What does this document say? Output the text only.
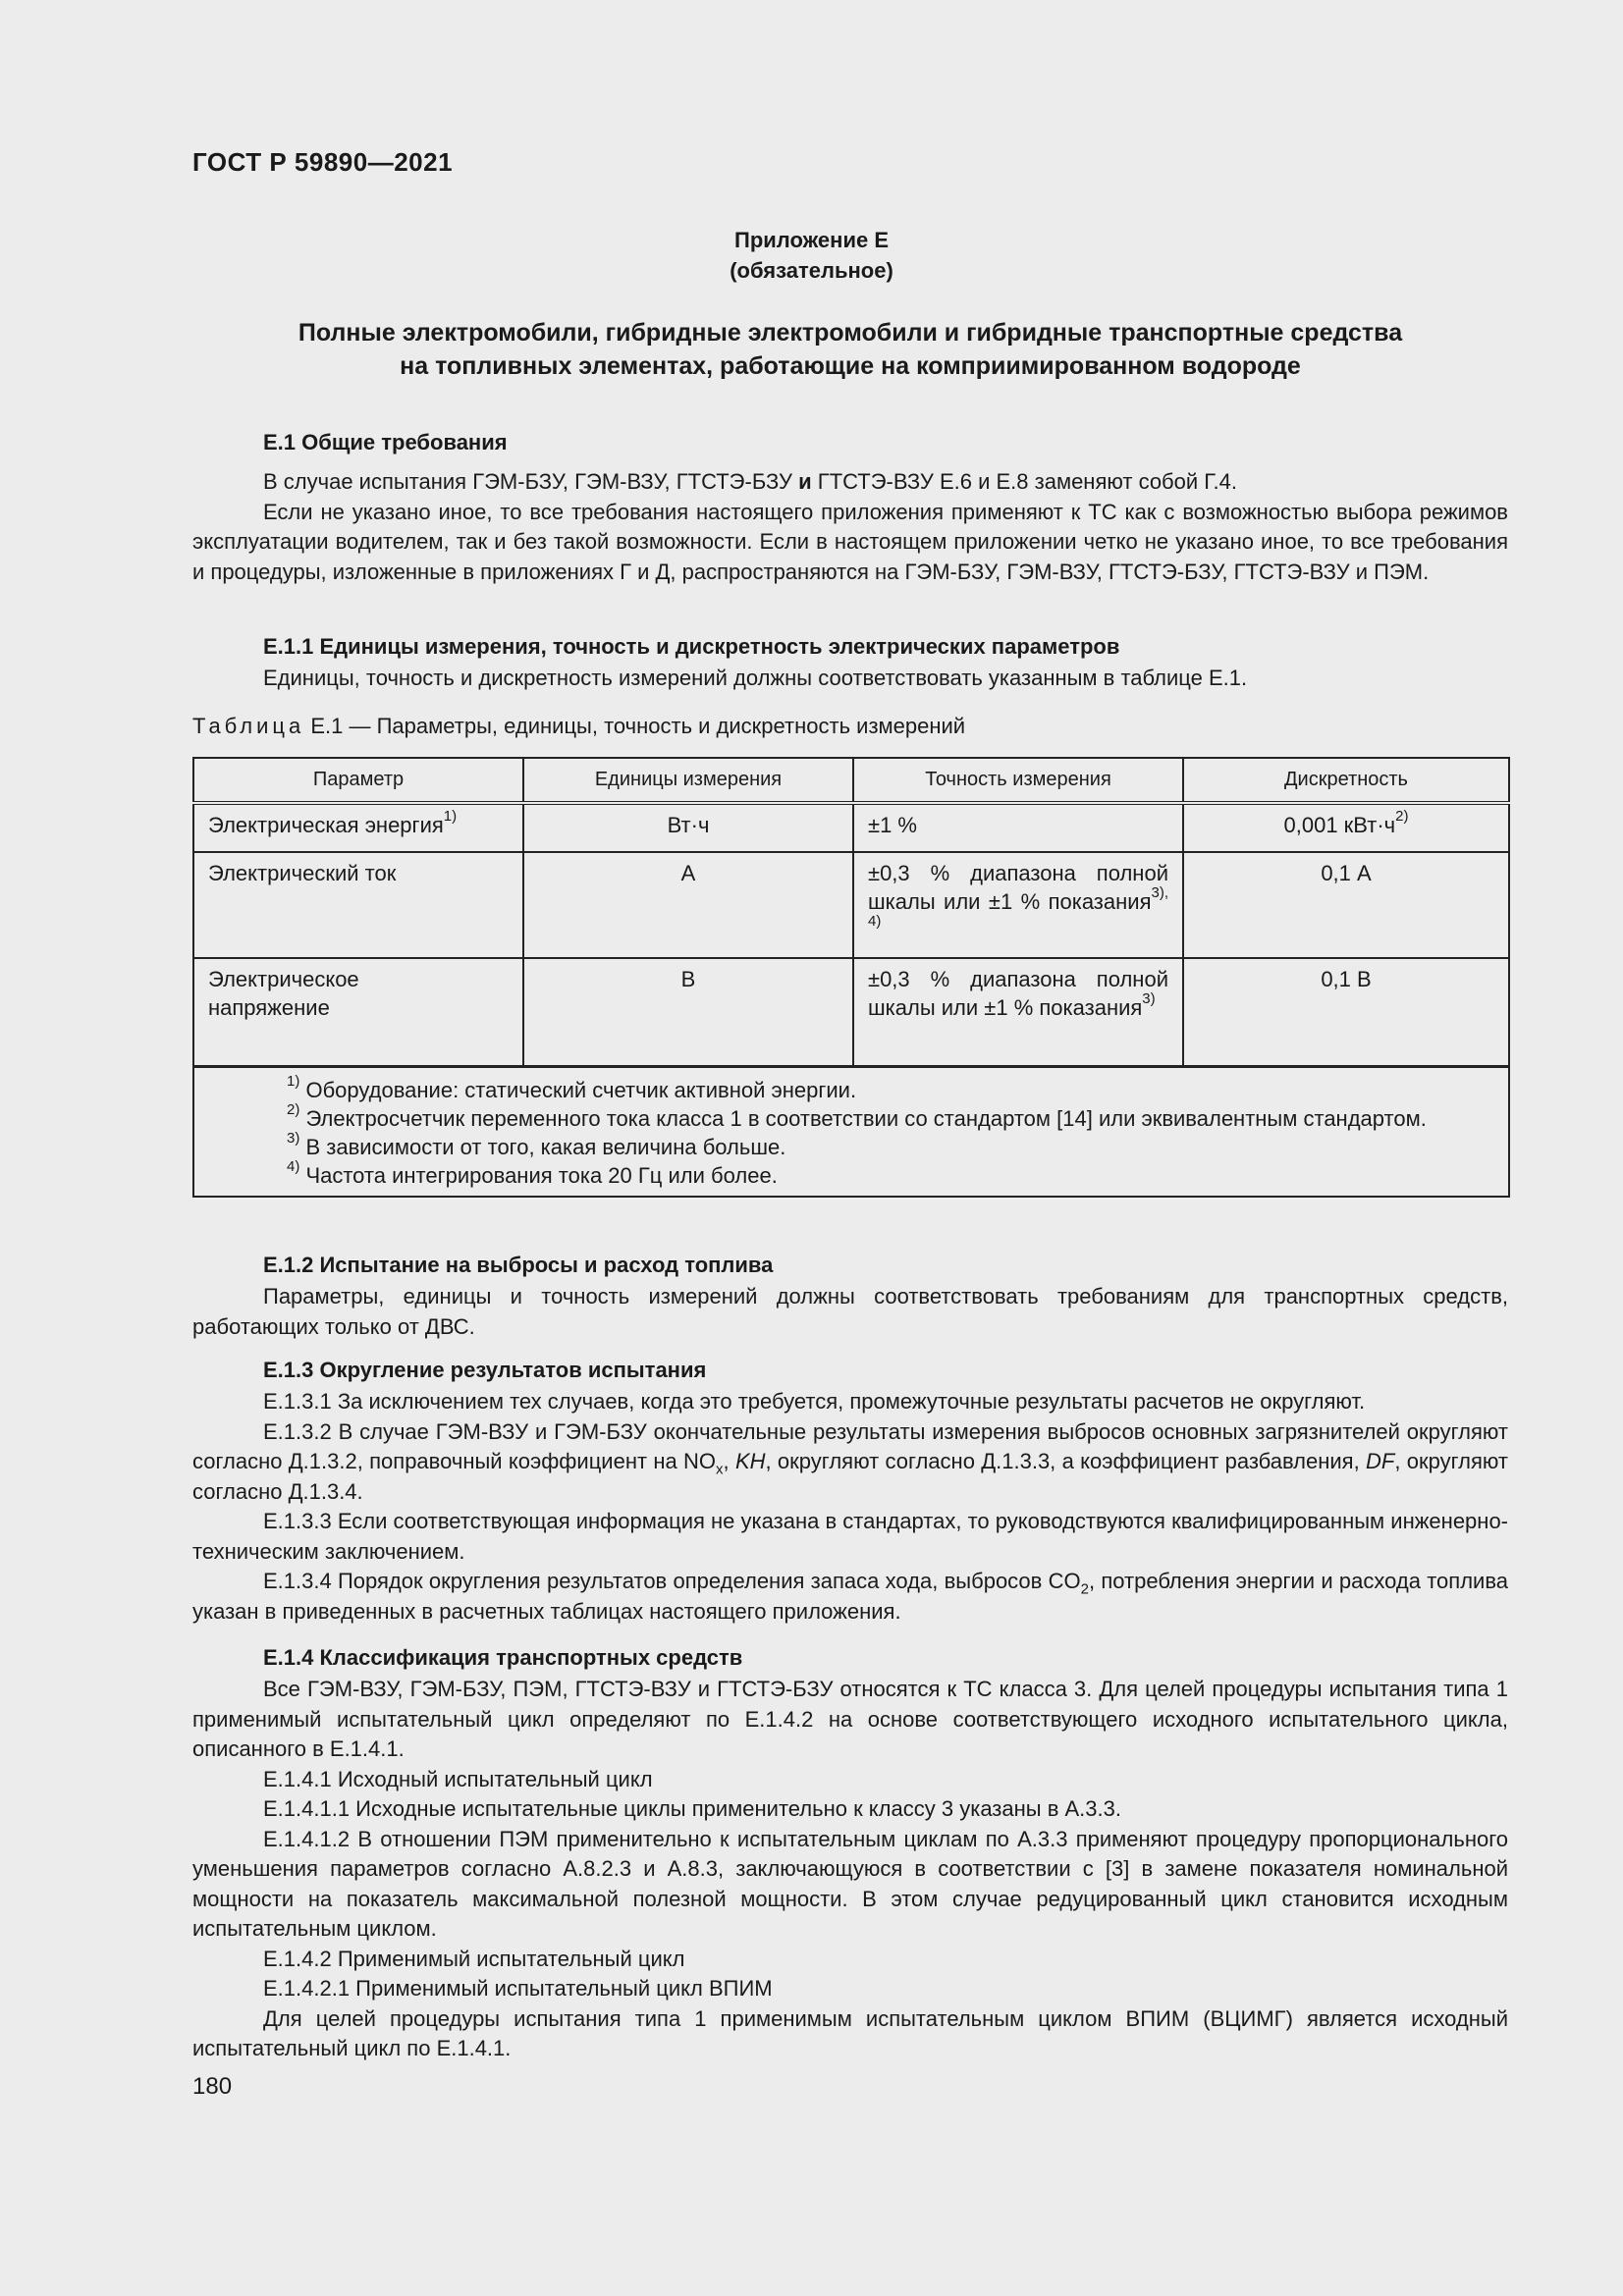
ГОСТ Р 59890—2021
Приложение Е
(обязательное)
Полные электромобили, гибридные электромобили и гибридные транспортные средства
на топливных элементах, работающие на комприимированном водороде
Е.1 Общие требования

В случае испытания ГЭМ-БЗУ, ГЭМ-ВЗУ, ГТСТЭ-БЗУ и ГТСТЭ-ВЗУ Е.6 и Е.8 заменяют собой Г.4.

Если не указано иное, то все требования настоящего приложения применяют к ТС как с возможностью выбора режимов эксплуатации водителем, так и без такой возможности. Если в настоящем приложении четко не указано иное, то все требования и процедуры, изложенные в приложениях Г и Д, распространяются на ГЭМ-БЗУ, ГЭМ-ВЗУ, ГТСТЭ-БЗУ, ГТСТЭ-ВЗУ и ПЭМ.

Е.1.1 Единицы измерения, точность и дискретность электрических параметров

Единицы, точность и дискретность измерений должны соответствовать указанным в таблице Е.1.

Таблица Е.1 — Параметры, единицы, точность и дискретность измерений
Параметр	Единицы измерения	Точность измерения	Дискретность
Электрическая энергия$^{1)}$	Вт·ч	±1 %	0,001 $кВт\cdot ч^{2)}$
Электрический ток	А	±0,3 % диапазона полной шкалы или ±1 % показания$^{3), 4)}$	0,1 А
Электрическое напряжение	В	±0,3 % диапазона полной шкалы или ±1 % показания$^{3)}$	0,1 В

$^{1)}$ Оборудование: статический счетчик активной энергии.

$^{2)}$ Электросчетчик переменного тока класса 1 в соответствии со стандартом [14] или эквивалентным стандартом.

$^{3)}$ В зависимости от того, какая величина больше.

$^{4)}$ Частота интегрирования тока 20 Гц или более.			

Е.1.2 Испытание на выбросы и расход топлива

Параметры, единицы и точность измерений должны соответствовать требованиям для транспортных средств, работающих только от ДВС.

Е.1.3 Округление результатов испытания

Е.1.3.1 За исключением тех случаев, когда это требуется, промежуточные результаты расчетов не округляют.

Е.1.3.2 В случае ГЭМ-ВЗУ и ГЭМ-БЗУ окончательные результаты измерения выбросов основных загрязнителей округляют согласно Д.1.3.2, поправочный коэффициент на NOx, KH, округляют согласно Д.1.3.3, а коэффициент разбавления, DF, округляют согласно Д.1.3.4.

Е.1.3.3 Если соответствующая информация не указана в стандартах, то руководствуются квалифицированным инженерно-техническим заключением.

Е.1.3.4 Порядок округления результатов определения запаса хода, выбросов CO2, потребления энергии и расхода топлива указан в приведенных в расчетных таблицах настоящего приложения.

Е.1.4 Классификация транспортных средств

Все ГЭМ-ВЗУ, ГЭМ-БЗУ, ПЭМ, ГТСТЭ-ВЗУ и ГТСТЭ-БЗУ относятся к ТС класса 3. Для целей процедуры испытания типа 1 применимый испытательный цикл определяют по Е.1.4.2 на основе соответствующего исходного испытательного цикла, описанного в Е.1.4.1.

Е.1.4.1 Исходный испытательный цикл

Е.1.4.1.1 Исходные испытательные циклы применительно к классу 3 указаны в А.3.3.

Е.1.4.1.2 В отношении ПЭМ применительно к испытательным циклам по А.3.3 применяют процедуру пропорционального уменьшения параметров согласно А.8.2.3 и А.8.3, заключающуюся в соответствии с [3] в замене показателя номинальной мощности на показатель максимальной полезной мощности. В этом случае редуцированный цикл становится исходным испытательным циклом.

Е.1.4.2 Применимый испытательный цикл

Е.1.4.2.1 Применимый испытательный цикл ВПИМ

Для целей процедуры испытания типа 1 применимым испытательным циклом ВПИМ (ВЦИМГ) является исходный испытательный цикл по Е.1.4.1.

180
